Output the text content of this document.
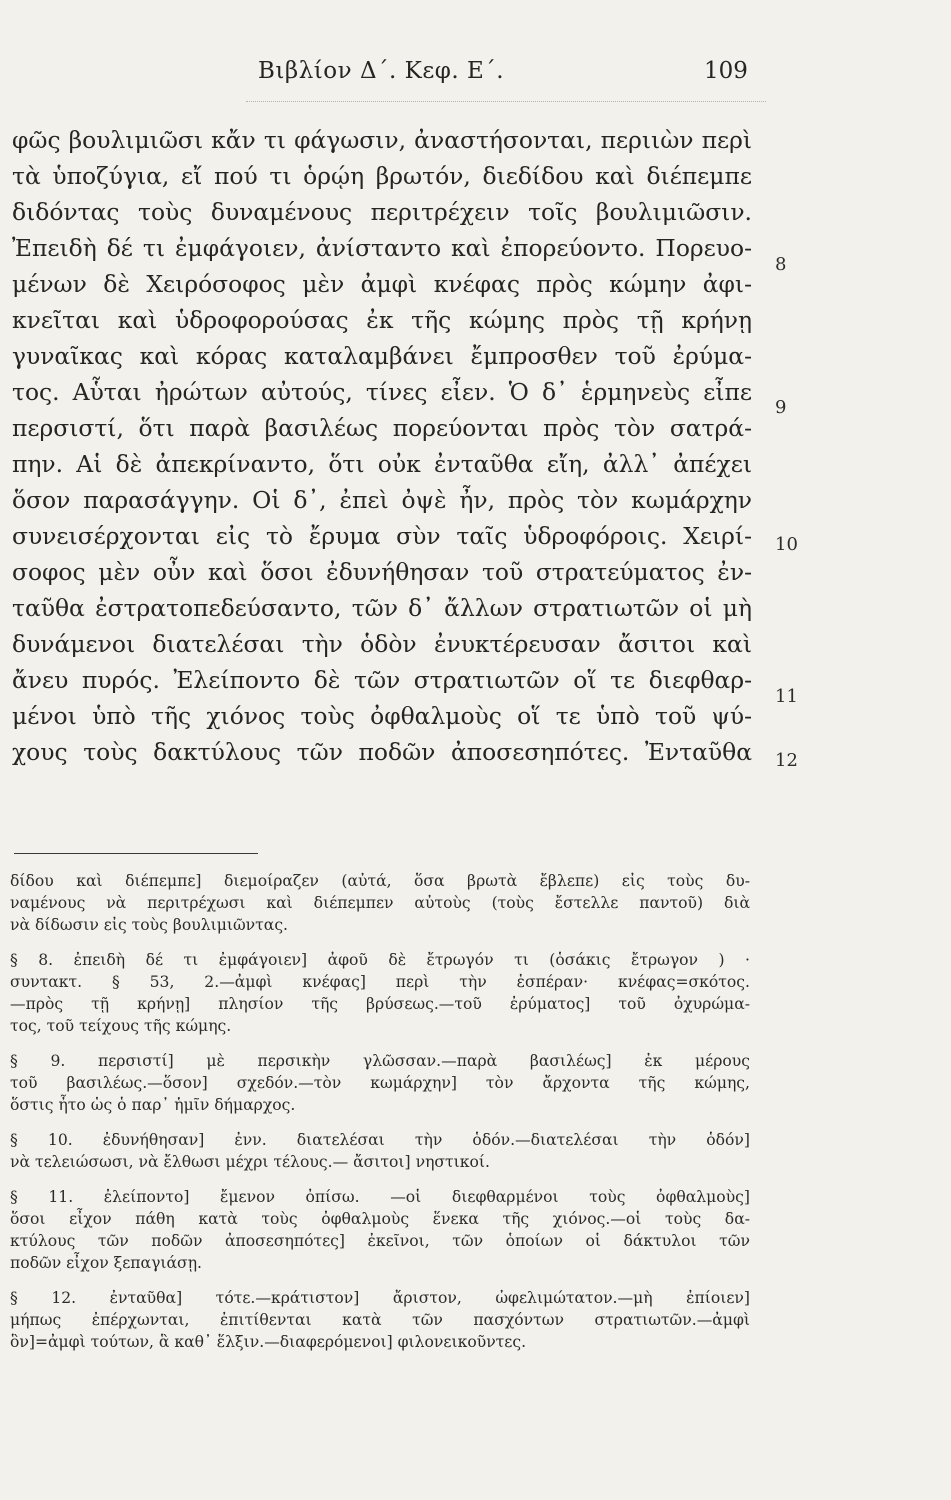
Βιβλίον Δ΄. Κεφ. Ε΄.	109
φῶς βουλιμιῶσι κἄν τι φάγωσιν, ἀναστήσονται, περιιὼν περὶ
τὰ ὑποζύγια, εἴ πού τι ὁρῴη βρωτόν, διεδίδου καὶ διέπεμπε
διδόντας τοὺς δυναμένους περιτρέχειν τοῖς βουλιμιῶσιν.
Ἐπειδὴ δέ τι ἐμφάγοιεν, ἀνίσταντο καὶ ἐπορεύοντο. Πορευο-
μένων δὲ Χειρόσοφος μὲν ἀμφὶ κνέφας πρὸς κώμην ἀφι-
κνεῖται καὶ ὑδροφορούσας ἐκ τῆς κώμης πρὸς τῇ κρήνῃ
γυναῖκας καὶ κόρας καταλαμβάνει ἔμπροσθεν τοῦ ἐρύμα-
τος. Αὗται ἠρώτων αὐτούς, τίνες εἶεν. Ὁ δ᾿ ἑρμηνεὺς εἶπε
περσιστί, ὅτι παρὰ βασιλέως πορεύονται πρὸς τὸν σατρά-
πην. Αἱ δὲ ἀπεκρίναντο, ὅτι οὐκ ἐνταῦθα εἴη, ἀλλ᾿ ἀπέχει
ὅσον παρασάγγην. Οἱ δ᾿, ἐπεὶ ὀψὲ ἦν, πρὸς τὸν κωμάρχην
συνεισέρχονται εἰς τὸ ἔρυμα σὺν ταῖς ὑδροφόροις. Χειρί-
σοφος μὲν οὖν καὶ ὅσοι ἐδυνήθησαν τοῦ στρατεύματος ἐν-
ταῦθα ἐστρατοπεδεύσαντο, τῶν δ᾿ ἄλλων στρατιωτῶν οἱ μὴ
δυνάμενοι διατελέσαι τὴν ὁδὸν ἐνυκτέρευσαν ἄσιτοι καὶ
ἄνευ πυρός. Ἐλείποντο δὲ τῶν στρατιωτῶν οἵ τε διεφθαρ-
μένοι ὑπὸ τῆς χιόνος τοὺς ὀφθαλμοὺς οἵ τε ὑπὸ τοῦ ψύ-
χους τοὺς δακτύλους τῶν ποδῶν ἀποσεσηπότες. Ἐνταῦθα
8
9
10
11
12
δίδου καὶ διέπεμπε] διεμοίραζεν (αὐτά, ὅσα βρωτὰ ἔβλεπε) εἰς τοὺς δυ-
ναμένους νὰ περιτρέχωσι καὶ διέπεμπεν αὐτοὺς (τοὺς ἔστελλε παντοῦ) διὰ
νὰ δίδωσιν εἰς τοὺς βουλιμιῶντας.
§ 8. ἐπειδὴ δέ τι ἐμφάγοιεν] ἀφοῦ δὲ ἔτρωγόν τι (ὁσάκις ἔτρωγον ) ·
συντακτ. § 53, 2.—ἀμφὶ κνέφας] περὶ τὴν ἑσπέραν· κνέφας=σκότος.
—πρὸς τῇ κρήνῃ] πλησίον τῆς βρύσεως.—τοῦ ἐρύματος] τοῦ ὀχυρώμα-
τος, τοῦ τείχους τῆς κώμης.
§ 9. περσιστί] μὲ περσικὴν γλῶσσαν.—παρὰ βασιλέως] ἐκ μέρους
τοῦ βασιλέως.—ὅσον] σχεδόν.—τὸν κωμάρχην] τὸν ἄρχοντα τῆς κώμης,
ὅστις ἦτο ὡς ὁ παρ᾿ ἡμῖν δήμαρχος.
§ 10. ἐδυνήθησαν] ἐνν. διατελέσαι τὴν ὁδόν.—διατελέσαι τὴν ὁδόν]
νὰ τελειώσωσι, νὰ ἔλθωσι μέχρι τέλους.— ἄσιτοι] νηστικοί.
§ 11. ἐλείποντο] ἔμενον ὀπίσω. —οἱ διεφθαρμένοι τοὺς ὀφθαλμοὺς]
ὅσοι εἶχον πάθη κατὰ τοὺς ὀφθαλμοὺς ἕνεκα τῆς χιόνος.—οἱ τοὺς δα-
κτύλους τῶν ποδῶν ἀποσεσηπότες] ἐκεῖνοι, τῶν ὁποίων οἱ δάκτυλοι τῶν
ποδῶν εἶχον ξεπαγιάσῃ.
§ 12. ἐνταῦθα] τότε.—κράτιστον] ἄριστον, ὠφελιμώτατον.—μὴ ἐπίοιεν]
μήπως ἐπέρχωνται, ἐπιτίθενται κατὰ τῶν πασχόντων στρατιωτῶν.—ἀμφὶ
ὃν]=ἀμφὶ τούτων, ἃ καθ᾿ ἕλξιν.—διαφερόμενοι] φιλονεικοῦντες.
